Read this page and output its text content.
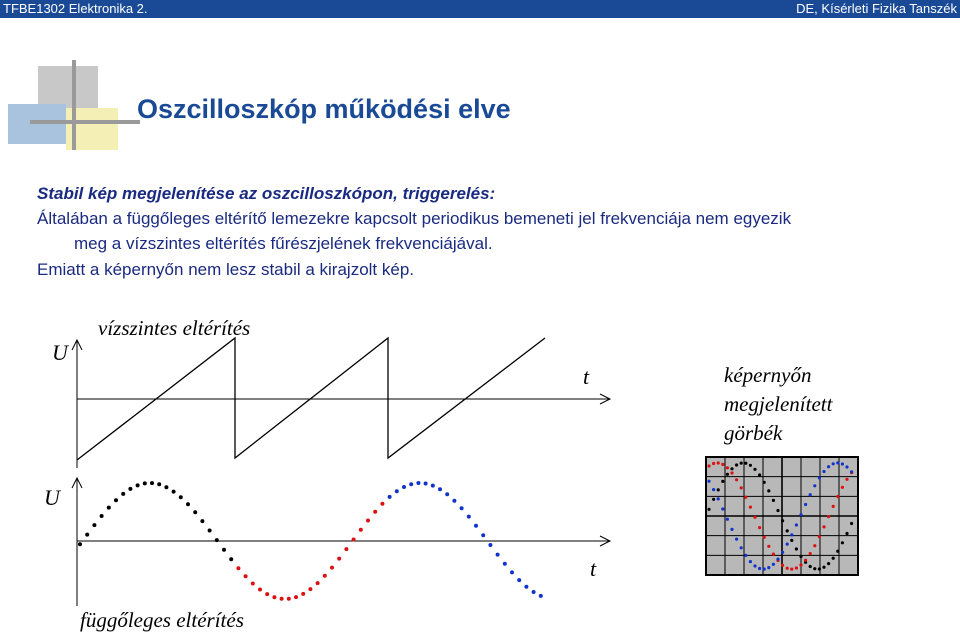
TFBE1302 Elektronika 2.	DE, Kísérleti Fizika Tanszék
Oszcilloszkóp működési elve
Stabil kép megjelenítése az oszcilloszkópon, triggerelés:
Általában a függőleges eltérítő lemezekre kapcsolt periodikus bemeneti jel frekvenciája nem egyezik
meg a vízszintes eltérítés fűrészjelének frekvenciájával.
Emiatt a képernyőn nem lesz stabil a kirajzolt kép.
U
vízszintes eltérítés
t
U
függőleges eltérítés
t
képernyőn
megjelenített
görbék
